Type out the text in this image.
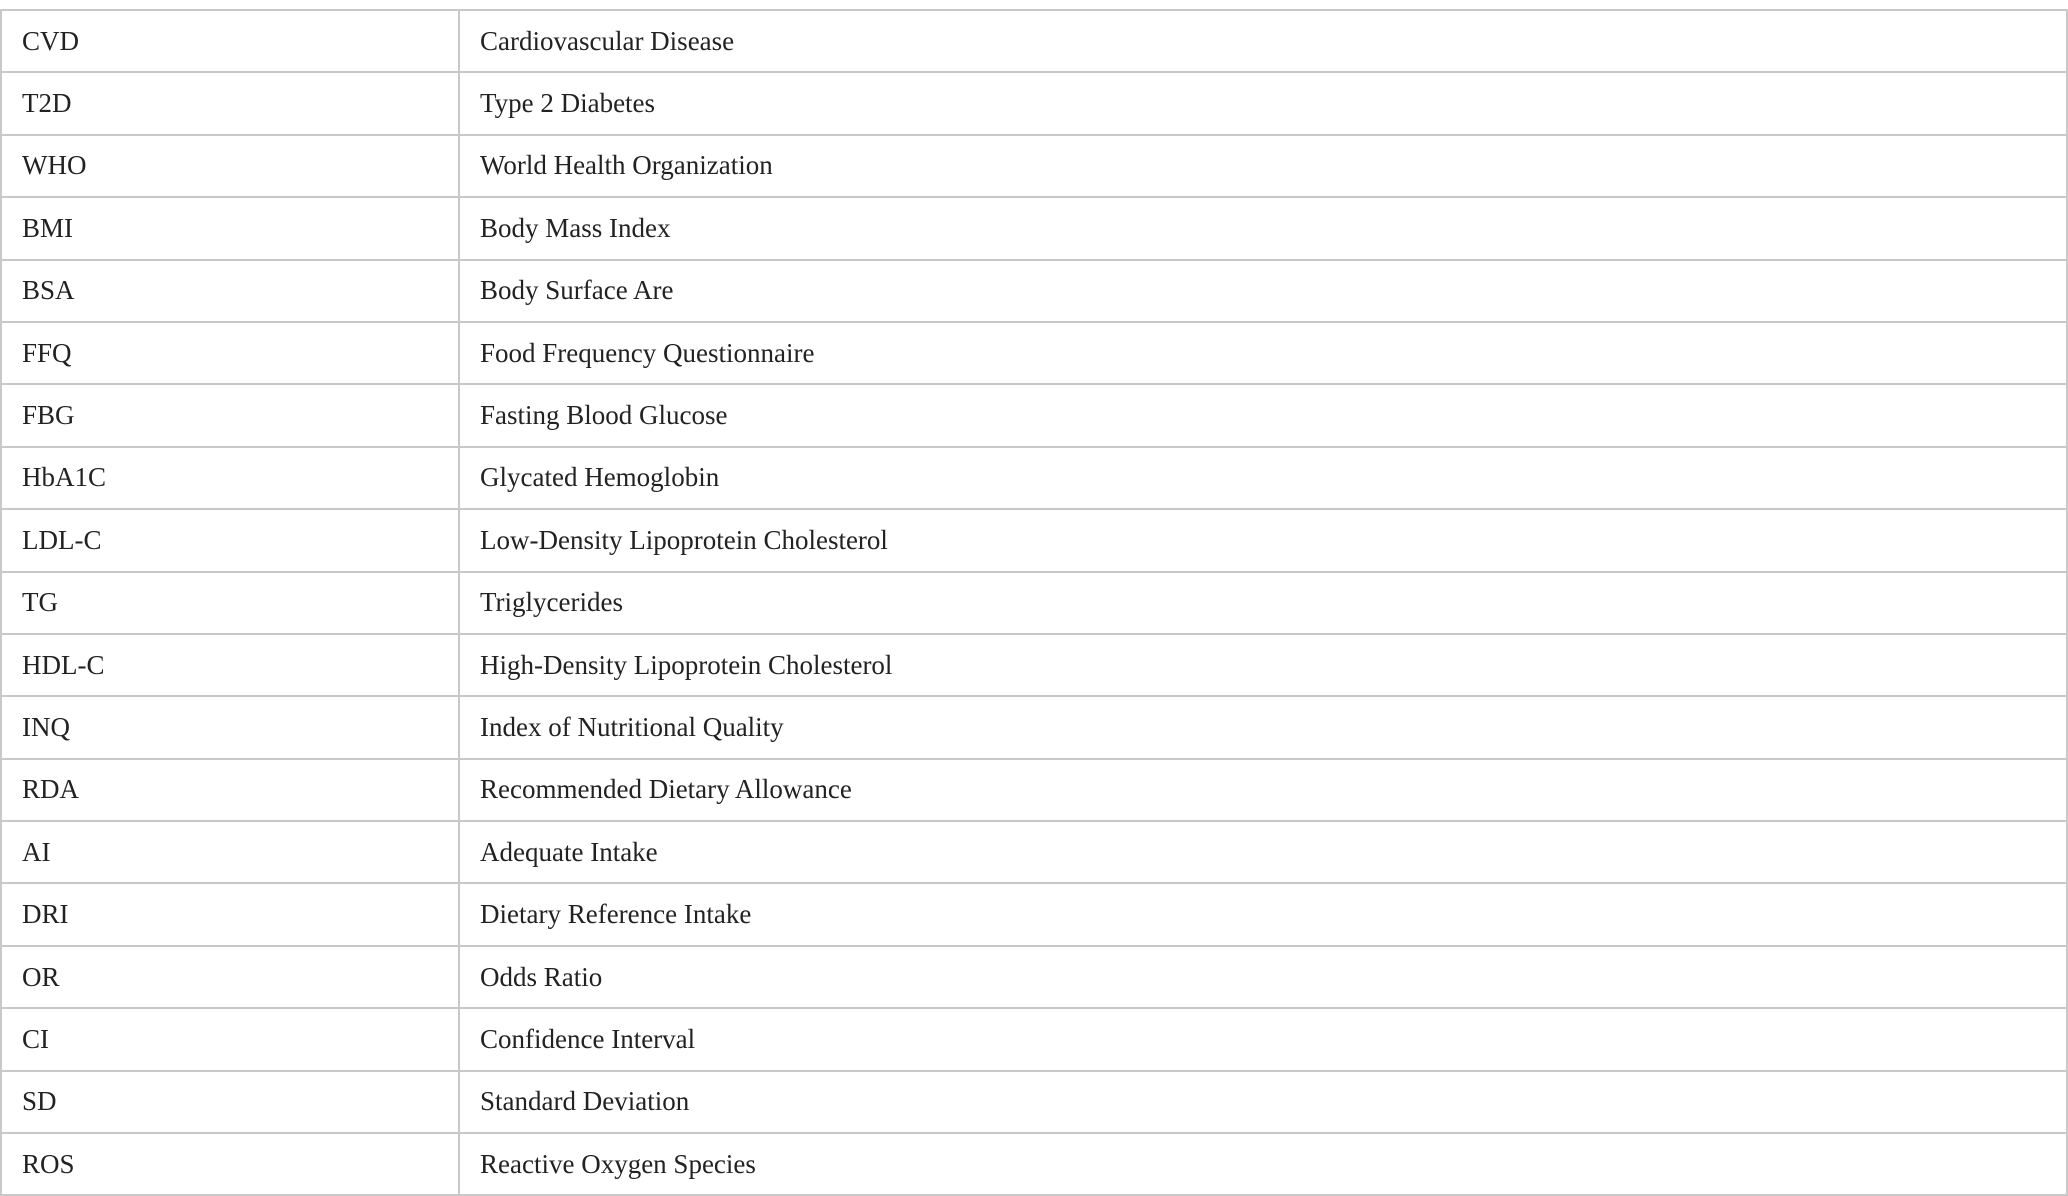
CVD	Cardiovascular Disease
T2D	Type 2 Diabetes
WHO	World Health Organization
BMI	Body Mass Index
BSA	Body Surface Are
FFQ	Food Frequency Questionnaire
FBG	Fasting Blood Glucose
HbA1C	Glycated Hemoglobin
LDL-C	Low-Density Lipoprotein Cholesterol
TG	Triglycerides
HDL-C	High-Density Lipoprotein Cholesterol
INQ	Index of Nutritional Quality
RDA	Recommended Dietary Allowance
AI	Adequate Intake
DRI	Dietary Reference Intake
OR	Odds Ratio
CI	Confidence Interval
SD	Standard Deviation
ROS	Reactive Oxygen Species
